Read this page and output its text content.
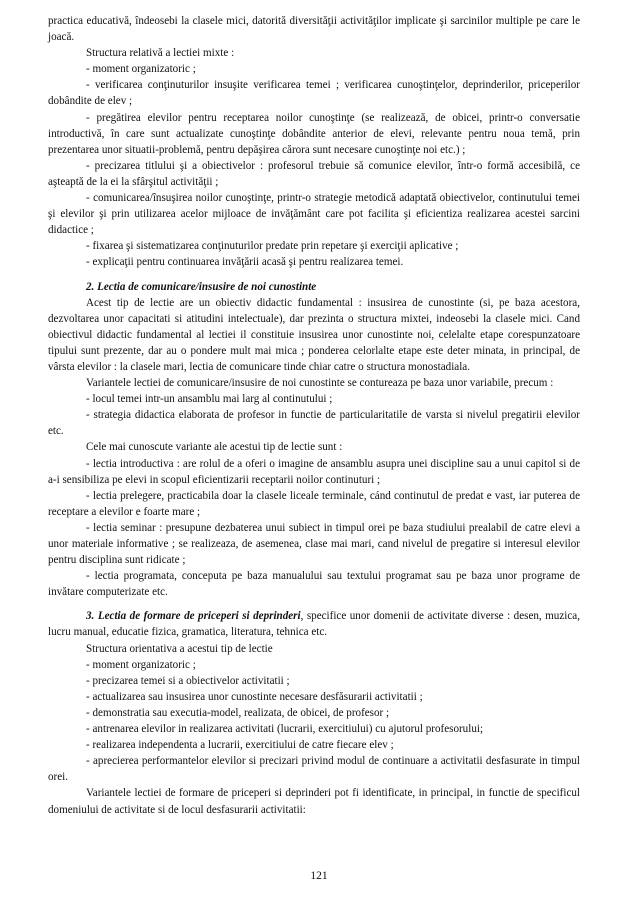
practica educativă, îndeosebi la clasele mici, datorită diversităţii activităţilor implicate şi sarcinilor multiple pe care le joacă.

Structura relativă a lectiei mixte :

- moment organizatoric ;

- verificarea conţinuturilor insuşite verificarea temei ; verificarea cunoştinţelor, deprinderilor, priceperilor dobândite de elev ;

- pregătirea elevilor pentru receptarea noilor cunoştinţe (se realizează, de obicei, printr-o conversatie introductivă, în care sunt actualizate cunoştinţe dobândite anterior de elevi, relevante pentru noua temă, prin prezentarea unor situatii-problemă, pentru depăşirea cărora sunt necesare cunoştinţe noi etc.) ;

- precizarea titlului şi a obiectivelor : profesorul trebuie să comunice elevilor, într-o formă accesibilă, ce aşteaptă de la ei la sfârşitul activităţii ;

- comunicarea/însuşirea noilor cunoştinţe, printr-o strategie metodică adaptată obiectivelor, continutului temei şi elevilor şi prin utilizarea acelor mijloace de invăţământ care pot facilita şi eficientiza realizarea acestei sarcini didactice ;

- fixarea şi sistematizarea conţinuturilor predate prin repetare şi exerciţii aplicative ;

- explicaţii pentru continuarea invăţării acasă şi pentru realizarea temei.

2. Lectia de comunicare/insusire de noi cunostinte

Acest tip de lectie are un obiectiv didactic fundamental : insusirea de cunostinte (si, pe baza acestora, dezvoltarea unor capacitati si atitudini intelectuale), dar prezinta o structura mixtei, indeosebi la clasele mici. Cand obiectivul didactic fundamental al lectiei il constituie insusirea unor cunostinte noi, celelalte etape corespunzatoare tipului sunt prezente, dar au o pondere mult mai mica ; ponderea celorlalte etape este deter minata, in principal, de vârsta elevilor : la clasele mari, lectia de comunicare tinde chiar catre o structura monostadiala.

Variantele lectiei de comunicare/insusire de noi cunostinte se contureaza pe baza unor variabile, precum :

- locul temei intr-un ansamblu mai larg al continutului ;

- strategia didactica elaborata de profesor in functie de particularitatile de varsta si nivelul pregatirii elevilor etc.

Cele mai cunoscute variante ale acestui tip de lectie sunt :

- lectia introductiva : are rolul de a oferi o imagine de ansamblu asupra unei discipline sau a unui capitol si de a-i sensibiliza pe elevi in scopul eficientizarii receptarii noilor continuturi ;

- lectia prelegere, practicabila doar la clasele liceale terminale, cánd continutul de predat e vast, iar puterea de receptare a elevilor e foarte mare ;

- lectia seminar : presupune dezbaterea unui subiect in timpul orei pe baza studiului prealabil de catre elevi a unor materiale informative ; se realizeaza, de asemenea, clase mai mari, cand nivelul de pregatire si interesul elevilor pentru disciplina sunt ridicate ;

- lectia programata, conceputa pe baza manualului sau textului programat sau pe baza unor programe de invătare computerizate etc.

3. Lectia de formare de priceperi si deprinderi, specifice unor domenii de activitate diverse : desen, muzica, lucru manual, educatie fizica, gramatica, literatura, tehnica etc.

Structura orientativa a acestui tip de lectie

- moment organizatoric ;

- precizarea temei si a obiectivelor activitatii ;

- actualizarea sau insusirea unor cunostinte necesare desfăsurarii activitatii ;

- demonstratia sau executia-model, realizata, de obicei, de profesor ;

- antrenarea elevilor in realizarea activitati (lucrarii, exercitiului) cu ajutorul profesorului;

- realizarea independenta a lucrarii, exercitiului de catre fiecare elev ;

- aprecierea performantelor elevilor si precizari privind modul de continuare a activitatii desfasurate in timpul orei.

Variantele lectiei de formare de priceperi si deprinderi pot fi identificate, in principal, in functie de specificul domeniului de activitate si de locul desfasurarii activitatii:

121
